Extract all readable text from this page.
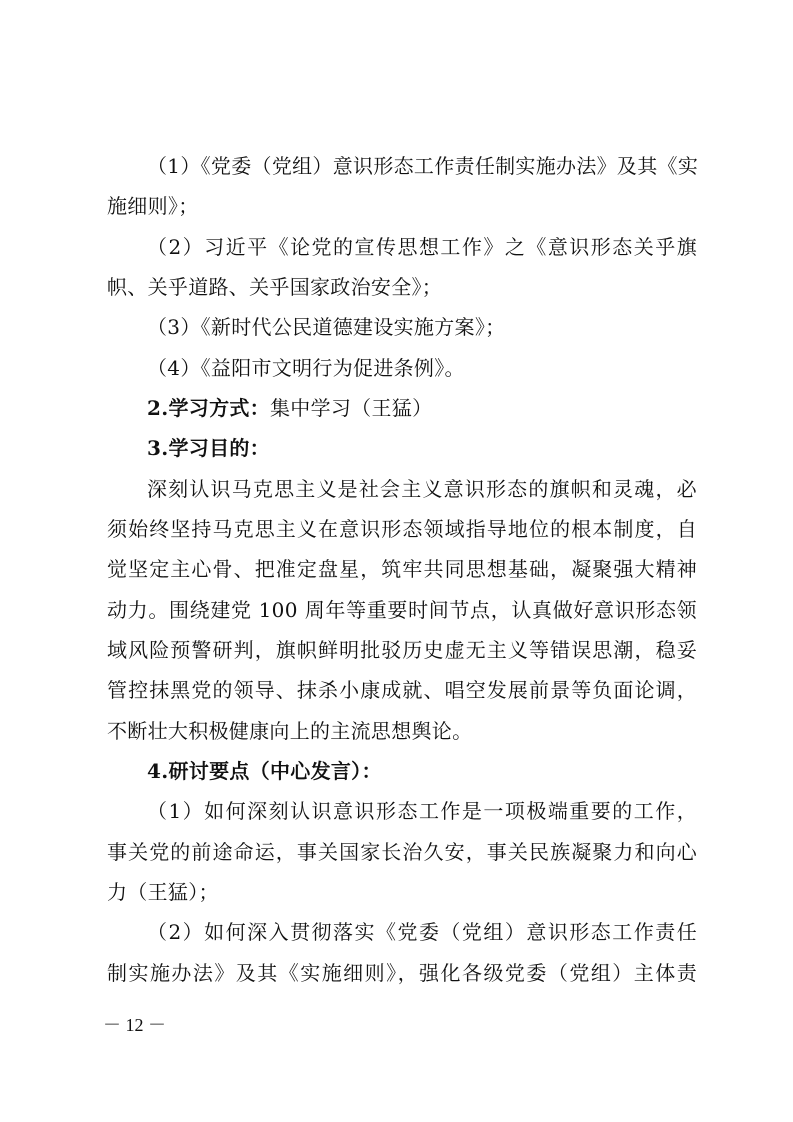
（1）《党委（党组）意识形态工作责任制实施办法》及其《实
施细则》；
（2）习近平《论党的宣传思想工作》之《意识形态关乎旗
帜、关乎道路、关乎国家政治安全》；
（3）《新时代公民道德建设实施方案》；
（4）《益阳市文明行为促进条例》。
2.学习方式：集中学习（王猛）
3.学习目的：
深刻认识马克思主义是社会主义意识形态的旗帜和灵魂，必
须始终坚持马克思主义在意识形态领域指导地位的根本制度，自
觉坚定主心骨、把准定盘星，筑牢共同思想基础，凝聚强大精神
动力。围绕建党 100 周年等重要时间节点，认真做好意识形态领
域风险预警研判，旗帜鲜明批驳历史虚无主义等错误思潮，稳妥
管控抹黑党的领导、抹杀小康成就、唱空发展前景等负面论调，
不断壮大积极健康向上的主流思想舆论。
4.研讨要点（中心发言）：
（1）如何深刻认识意识形态工作是一项极端重要的工作，
事关党的前途命运，事关国家长治久安，事关民族凝聚力和向心
力（王猛）；
（2）如何深入贯彻落实《党委（党组）意识形态工作责任
制实施办法》及其《实施细则》，强化各级党委（党组）主体责
－ 12 －
